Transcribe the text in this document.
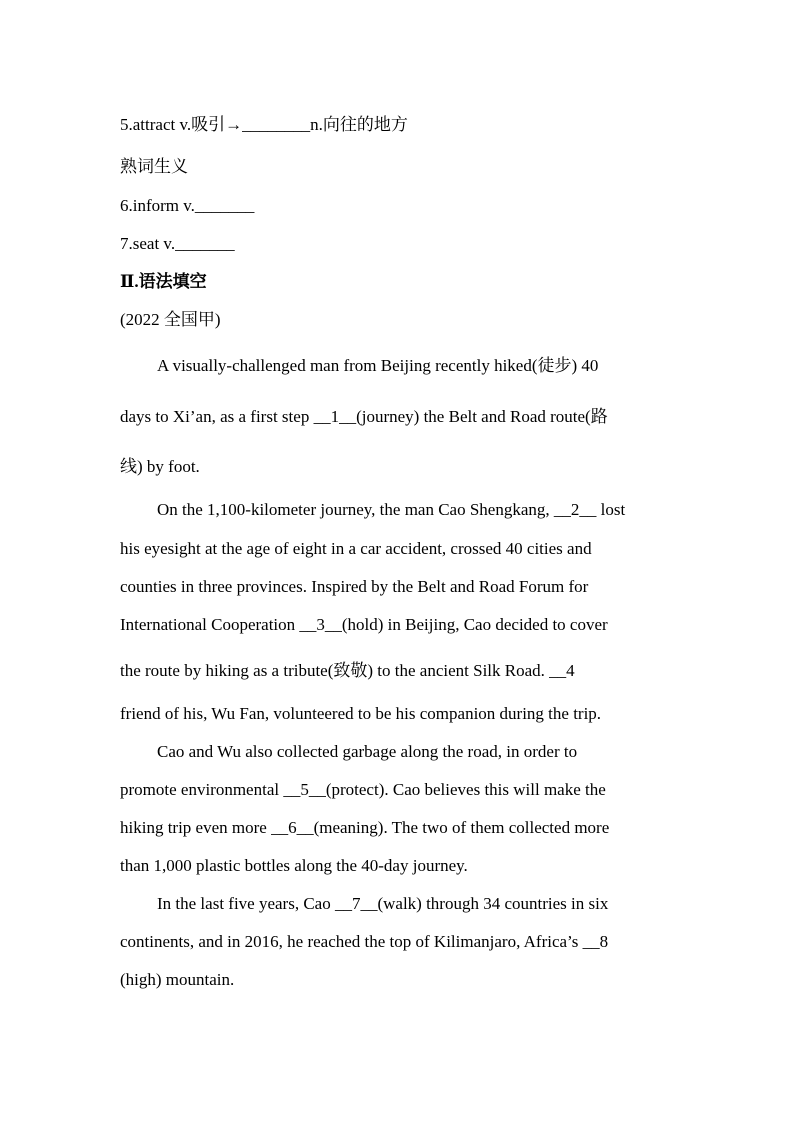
5.attract v.吸引→________n.向往的地方
熟词生义
6.inform v._______
7.seat v._______
Ⅱ.语法填空
(2022 全国甲)
A visually-challenged man from Beijing recently hiked(徒步) 40
days to Xi’an, as a first step __1__(journey) the Belt and Road route(路
线) by foot.
On the 1,100-kilometer journey, the man Cao Shengkang, __2__ lost
his eyesight at the age of eight in a car accident, crossed 40 cities and
counties in three provinces. Inspired by the Belt and Road Forum for
International Cooperation __3__(hold) in Beijing, Cao decided to cover
the route by hiking as a tribute(致敬) to the ancient Silk Road. __4
friend of his, Wu Fan, volunteered to be his companion during the trip.
Cao and Wu also collected garbage along the road, in order to
promote environmental __5__(protect). Cao believes this will make the
hiking trip even more __6__(meaning). The two of them collected more
than 1,000 plastic bottles along the 40-day journey.
In the last five years, Cao __7__(walk) through 34 countries in six
continents, and in 2016, he reached the top of Kilimanjaro, Africa’s __8
(high) mountain.
